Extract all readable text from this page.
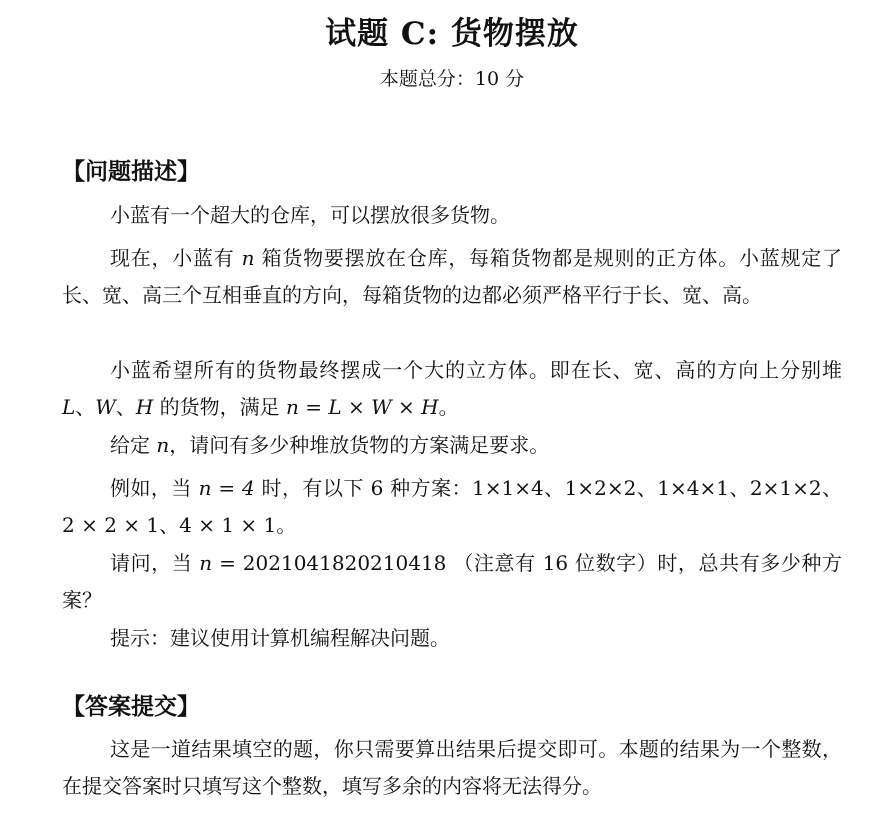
试题 C: 货物摆放

本题总分：10 分

【问题描述】

小蓝有一个超大的仓库，可以摆放很多货物。

现在，小蓝有 n 箱货物要摆放在仓库，每箱货物都是规则的正方体。小蓝规定了长、宽、高三个互相垂直的方向，每箱货物的边都必须严格平行于长、宽、高。

小蓝希望所有的货物最终摆成一个大的立方体。即在长、宽、高的方向上分别堆 L、W、H 的货物，满足 n = L × W × H。

给定 n，请问有多少种堆放货物的方案满足要求。

例如，当 n = 4 时，有以下 6 种方案：1×1×4、1×2×2、1×4×1、2×1×2、2 × 2 × 1、4 × 1 × 1。

请问，当 n = 2021041820210418 （注意有 16 位数字）时，总共有多少种方案？

提示：建议使用计算机编程解决问题。

【答案提交】

这是一道结果填空的题，你只需要算出结果后提交即可。本题的结果为一个整数，在提交答案时只填写这个整数，填写多余的内容将无法得分。
